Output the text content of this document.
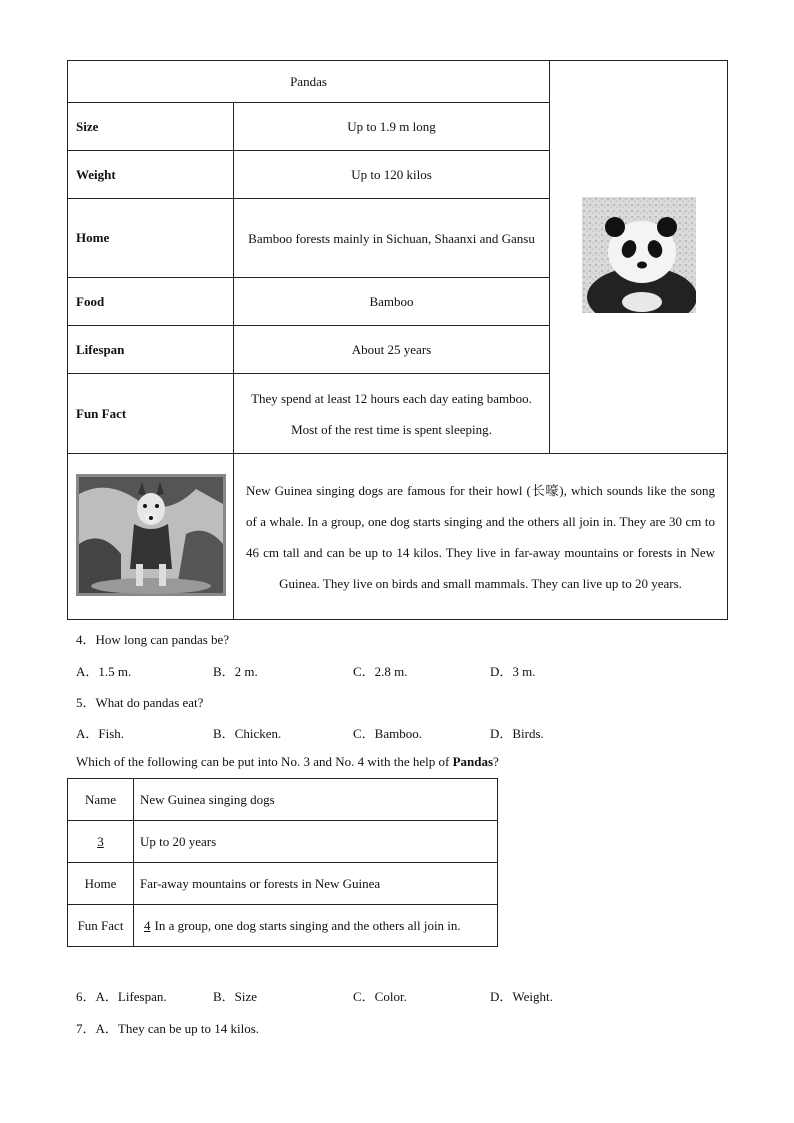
Pandas	
Size	Up to 1.9 m long	
Weight	Up to 120 kilos	
Home	Bamboo forests mainly in Sichuan, Shaanxi and Gansu	
Food	Bamboo	
Lifespan	About 25 years	
Fun Fact	They spend at least 12 hours each day eating bamboo. Most of the rest time is spent sleeping.	
	New Guinea singing dogs are famous for their howl (长嚎), which sounds like the song of a whale. In a group, one dog starts singing and the others all join in. They are 30 cm to 46 cm tall and can be up to 14 kilos. They live in far-away mountains or forests in New Guinea. They live on birds and small mammals. They can live up to 20 years.	
4．How long can pandas be?
A．1.5 m.	B．2 m.	C．2.8 m.	D．3 m.
5．What do pandas eat?
A．Fish.	B．Chicken.	C．Bamboo.	D．Birds.
Which of the following can be put into No. 3 and No. 4 with the help of Pandas?
Name	New Guinea singing dogs
3	Up to 20 years
Home	Far-away mountains or forests in New Guinea
Fun Fact	4 In a group, one dog starts singing and the others all join in.
6．A．Lifespan.	B．Size	C．Color.	D．Weight.
7．A．They can be up to 14 kilos.
